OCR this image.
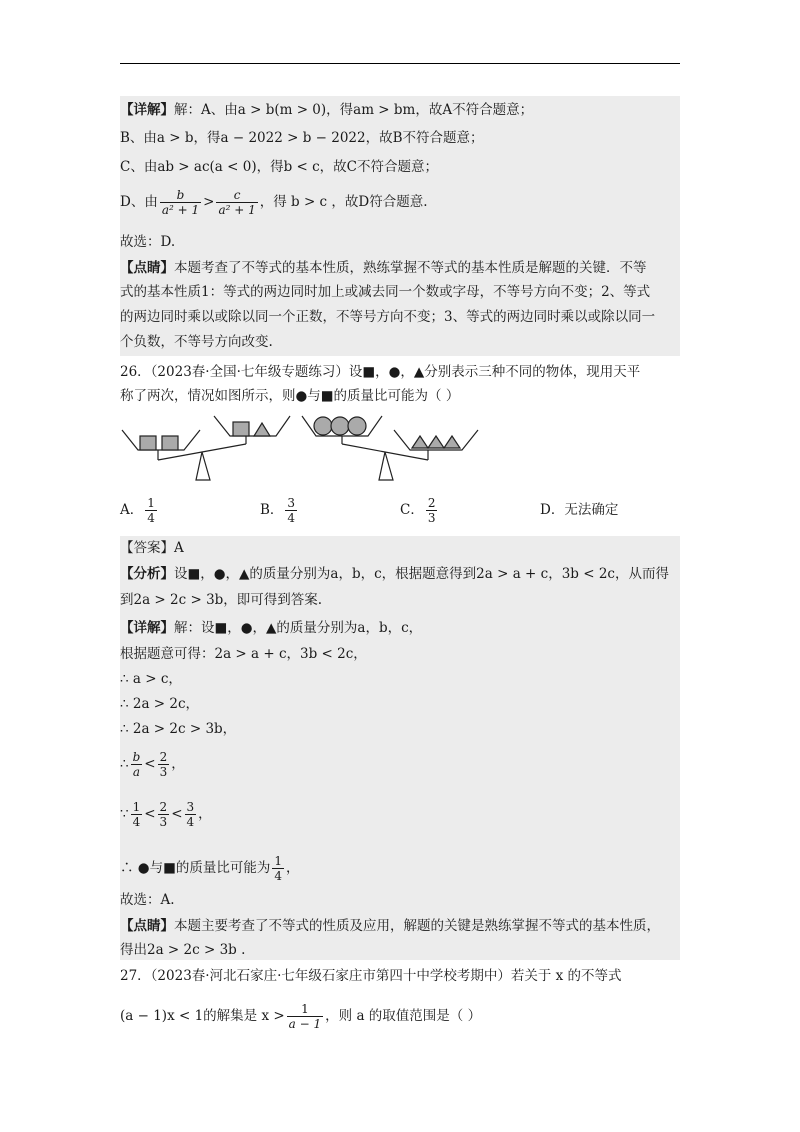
【详解】解：A、由a > b(m > 0)，得am > bm，故A不符合题意；
B、由a > b，得a − 2022 > b − 2022，故B不符合题意；
C、由ab > ac(a < 0)，得b < c，故C不符合题意；
D、由 $\frac{b}{\text{a² + 1}} > \frac{c}{\text{a² + 1}}$ ，得 b > c ，故D符合题意.
故选：D.
【点睛】本题考查了不等式的基本性质，熟练掌握不等式的基本性质是解题的关键．不等
式的基本性质1：等式的两边同时加上或减去同一个数或字母，不等号方向不变；2、等式
的两边同时乘以或除以同一个正数，不等号方向不变；3、等式的两边同时乘以或除以同一
个负数，不等号方向改变.
26．（2023春·全国·七年级专题练习）设■，●，▲分别表示三种不同的物体，现用天平
称了两次，情况如图所示，则●与■的质量比可能为（ ）
A． $\frac{1}{4}$	B． $\frac{3}{4}$	C． $\frac{2}{3}$	D．无法确定
【答案】A
【分析】设■，●，▲的质量分别为a，b，c，根据题意得到2a > a + c，3b < 2c，从而得
到2a > 2c > 3b，即可得到答案.
【详解】解：设■，●，▲的质量分别为a，b，c，
根据题意可得：2a > a + c，3b < 2c，
∴ a > c，
∴ 2a > 2c，
∴ 2a > 2c > 3b，
∴ $\frac{b}{a} < \frac{2}{3}$ ，
∵ $\frac{1}{4} < \frac{2}{3} < \frac{3}{4}$ ，
∴ ●与■的质量比可能为 $\frac{1}{4}$ ，
故选：A.
【点睛】本题主要考查了不等式的性质及应用，解题的关键是熟练掌握不等式的基本性质，
得出2a > 2c > 3b .
27．（2023春·河北石家庄·七年级石家庄市第四十中学校考期中）若关于 x 的不等式
(a − 1)x < 1的解集是 $x > \frac{1}{a - 1}$ ，则 a 的取值范围是（ ）
